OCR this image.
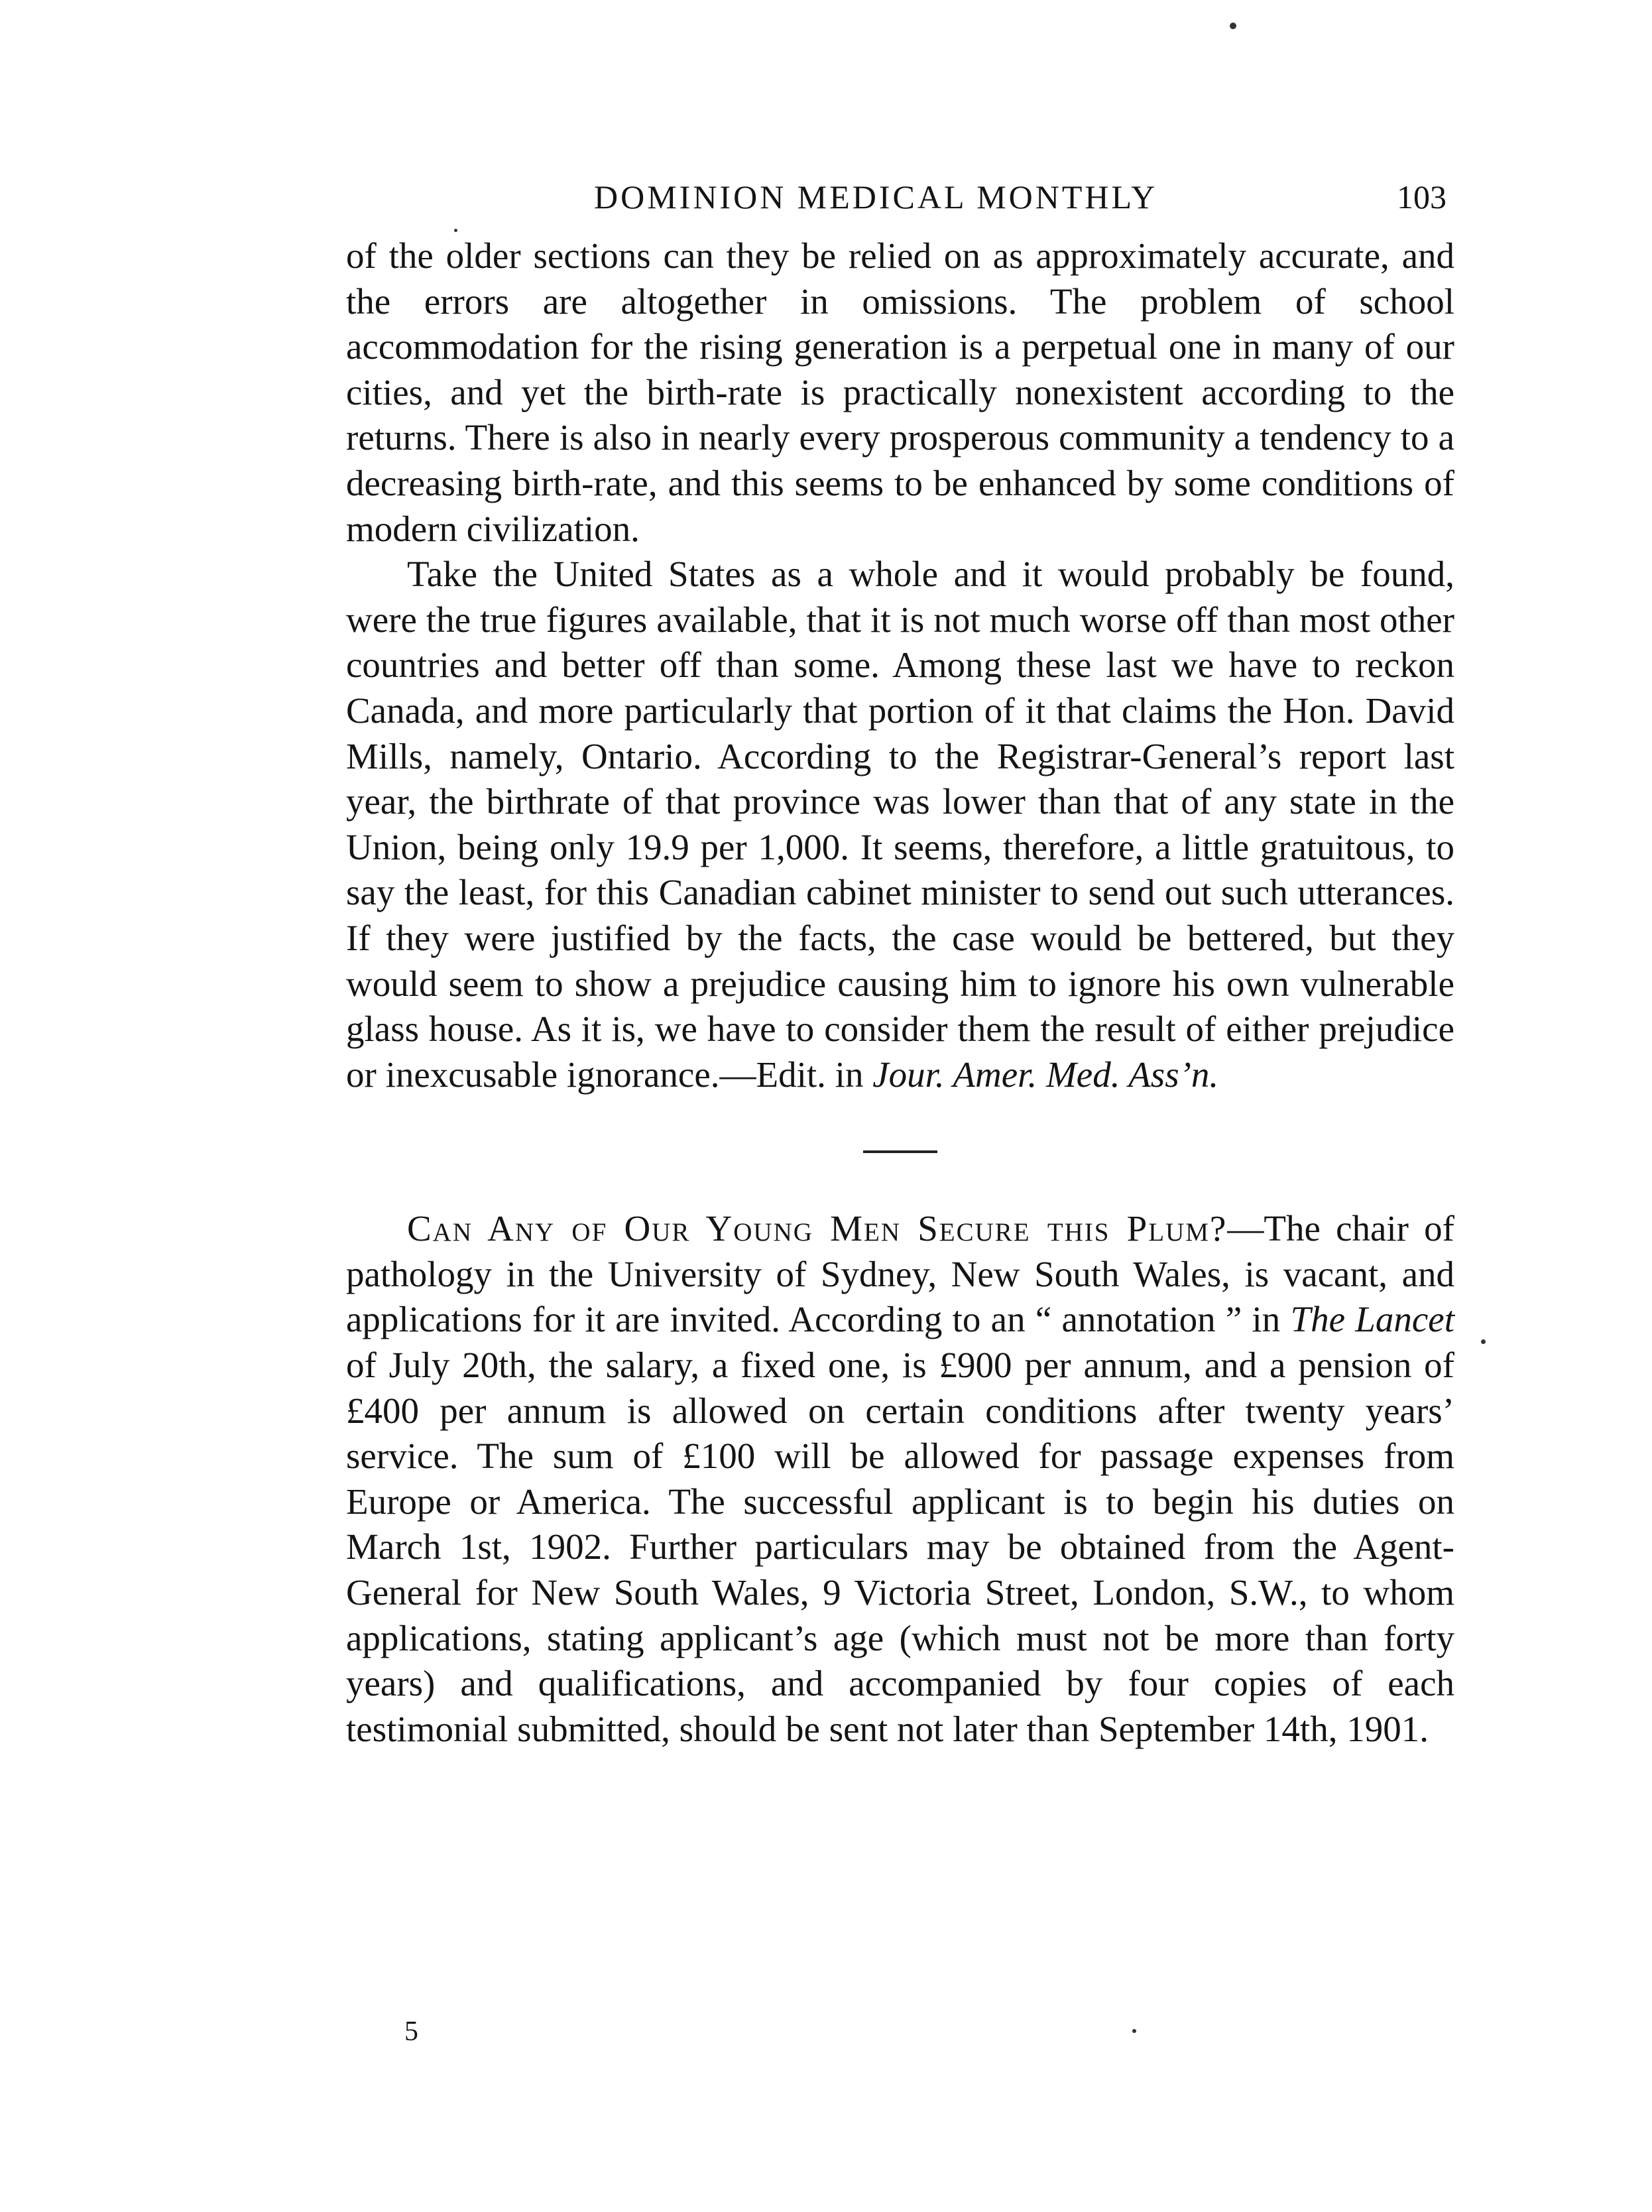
DOMINION MEDICAL MONTHLY	103

of the older sections can they be relied on as approximately accurate, and the errors are altogether in omissions. The problem of school accommodation for the rising generation is a perpetual one in many of our cities, and yet the birth-rate is practically nonexistent according to the returns. There is also in nearly every prosperous community a tendency to a decreasing birth-rate, and this seems to be enhanced by some conditions of modern civilization.

Take the United States as a whole and it would probably be found, were the true figures available, that it is not much worse off than most other countries and better off than some. Among these last we have to reckon Canada, and more particularly that portion of it that claims the Hon. David Mills, namely, Ontario. According to the Registrar-General’s report last year, the birthrate of that province was lower than that of any state in the Union, being only 19.9 per 1,000. It seems, therefore, a little gratuitous, to say the least, for this Canadian cabinet minister to send out such utterances. If they were justified by the facts, the case would be bettered, but they would seem to show a prejudice causing him to ignore his own vulnerable glass house. As it is, we have to consider them the result of either prejudice or inexcusable ignorance.—Edit. in Jour. Amer. Med. Ass’n.

Can Any of Our Young Men Secure this Plum?—The chair of pathology in the University of Sydney, New South Wales, is vacant, and applications for it are invited. According to an “ annotation ” in The Lancet of July 20th, the salary, a fixed one, is £900 per annum, and a pension of £400 per annum is allowed on certain conditions after twenty years’ service. The sum of £100 will be allowed for passage expenses from Europe or America. The successful applicant is to begin his duties on March 1st, 1902. Further particulars may be obtained from the Agent-General for New South Wales, 9 Victoria Street, London, S.W., to whom applications, stating applicant’s age (which must not be more than forty years) and qualifications, and accompanied by four copies of each testimonial submitted, should be sent not later than September 14th, 1901.

5
